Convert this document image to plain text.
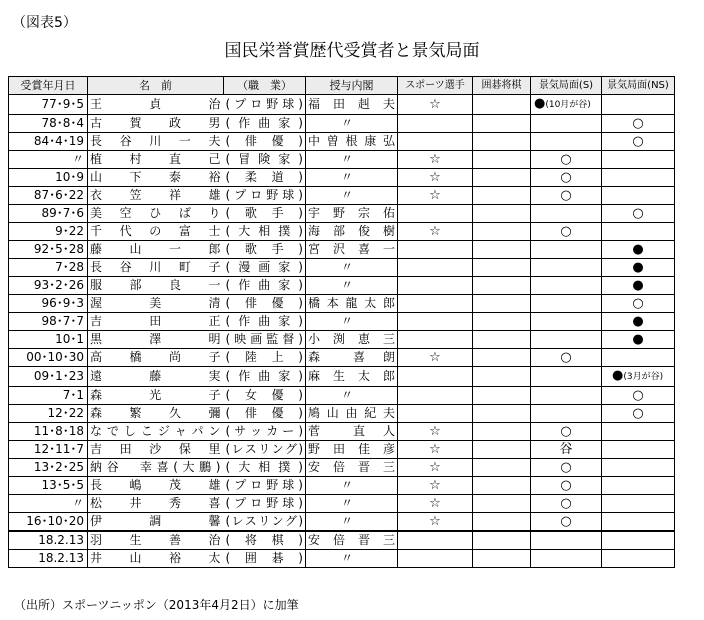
（図表5）
国民栄誉賞歴代受賞者と景気局面
受賞年月日	名　前	（職　業）	授与内閣	スポーツ選手	囲碁将棋	景気局面(S)	景気局面(NS)
77･9･5	王　貞　治	(プロ野球)	福　田　赳　夫	☆		●(10月が谷)	
78･8･4	古　賀　政　男	(作曲家)	〃				○
84･4･19	長　谷　川　一　夫	(俳優)	中曽根康弘				○
〃	植　村　直　己	(冒険家)	〃	☆		○	
10･9	山　下　泰　裕	(柔道)	〃	☆		○	
87･6･22	衣　笠　祥　雄	(プロ野球)	〃	☆		○	
89･7･6	美　空　ひ　ば　り	(歌手)	宇　野　宗　佑				○
9･22	千　代　の　富　士	(大相撲)	海　部　俊　樹	☆		○	
92･5･28	藤　山　一　郎	(歌手)	宮　沢　喜　一				●
7･28	長　谷　川　町　子	(漫画家)	〃				●
93･2･26	服　部　良　一	(作曲家)	〃				●
96･9･3	渥　美　清	(俳優)	橋本龍太郎				○
98･7･7	吉　田　正	(作曲家)	〃				●
10･1	黒　澤　明	(映画監督)	小　渕　恵　三				●
00･10･30	高　橋　尚　子	(陸上)	森　　喜　朗	☆		○	
09･1･23	遠　藤　実	(作曲家)	麻　生　太　郎				●(3月が谷)
7･1	森　光　子	(女優)	〃				○
12･22	森　繁　久　彌	(俳優)	鳩山由紀夫				○
11･8･18	なでしこジャパン	(サッカー)	菅　　直　人	☆		○	
12･11･7	吉　田　沙　保　里	(レスリング)	野　田　佳　彦	☆		谷	
13･2･25	納谷　幸喜(大鵬)	(大相撲)	安　倍　晋　三	☆		○	
13･5･5	長　嶋　茂　雄	(プロ野球)	〃	☆		○	
〃	松　井　秀　喜	(プロ野球)	〃	☆		○	
16･10･20	伊　調　馨	(レスリング)	〃	☆		○	
18.2.13	羽　生　善　治	(将棋)	安　倍　晋　三				
18.2.13	井　山　裕　太	(囲碁)	〃				
（出所）スポーツニッポン（2013年4月2日）に加筆
